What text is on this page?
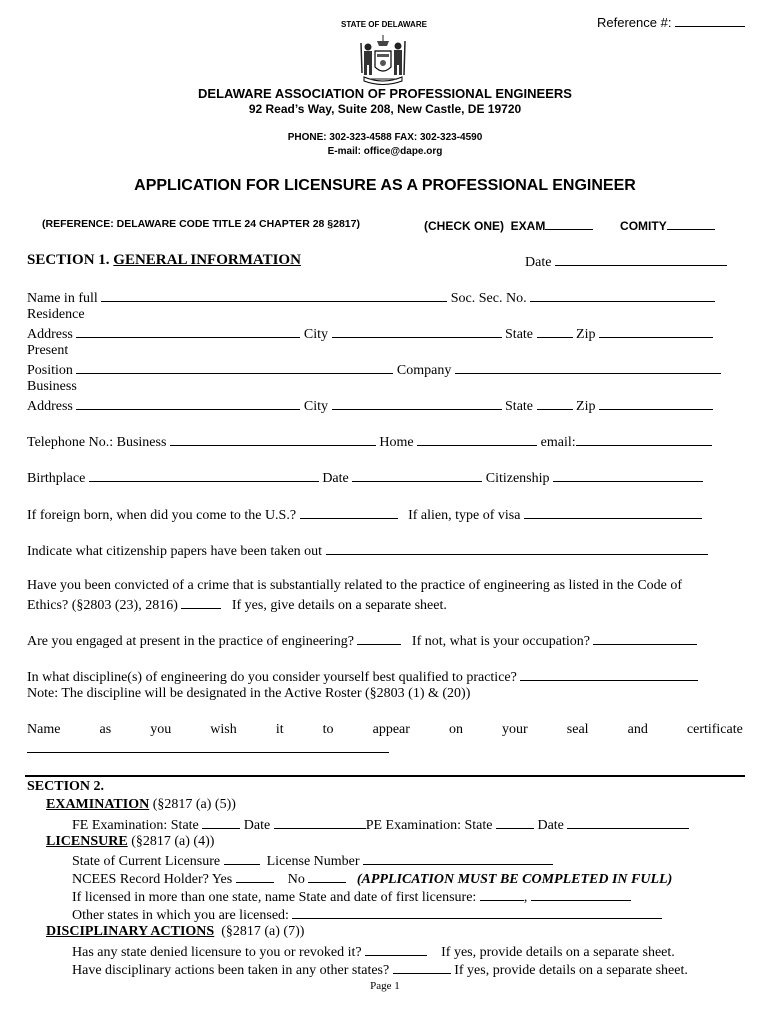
STATE OF DELAWARE	Reference #:
DELAWARE ASSOCIATION OF PROFESSIONAL ENGINEERS
92 Read’s Way, Suite 208, New Castle, DE 19720
PHONE: 302-323-4588 FAX: 302-323-4590
E-mail: office@dape.org
APPLICATION FOR LICENSURE AS A PROFESSIONAL ENGINEER
(REFERENCE: DELAWARE CODE TITLE 24 CHAPTER 28 §2817)	(CHECK ONE) EXAM	COMITY
SECTION 1. GENERAL INFORMATION	Date
Name in full	Soc. Sec. No.
Residence
Address	City	State	Zip
Present
Position	Company
Business
Address	City	State	Zip
Telephone No.: Business	Home	email:
Birthplace	Date	Citizenship
If foreign born, when did you come to the U.S.?	If alien, type of visa
Indicate what citizenship papers have been taken out
Have you been convicted of a crime that is substantially related to the practice of engineering as listed in the Code of
Ethics? (§2803 (23), 2816)	If yes, give details on a separate sheet.
Are you engaged at present in the practice of engineering?	If not, what is your occupation?
In what discipline(s) of engineering do you consider yourself best qualified to practice?
Note: The discipline will be designated in the Active Roster (§2803 (1) & (20))
Name	as	you	wish	it	to	appear	on	your	seal	and	certificate
SECTION 2.
EXAMINATION (§2817 (a) (5))
FE Examination: State	Date	PE Examination: State	Date
LICENSURE (§2817 (a) (4))
State of Current Licensure	License Number
NCEES Record Holder? Yes	No	(APPLICATION MUST BE COMPLETED IN FULL)
If licensed in more than one state, name State and date of first licensure:	,
Other states in which you are licensed:
DISCIPLINARY ACTIONS (§2817 (a) (7))
Has any state denied licensure to you or revoked it?	If yes, provide details on a separate sheet.
Have disciplinary actions been taken in any other states?	If yes, provide details on a separate sheet.
Page 1
